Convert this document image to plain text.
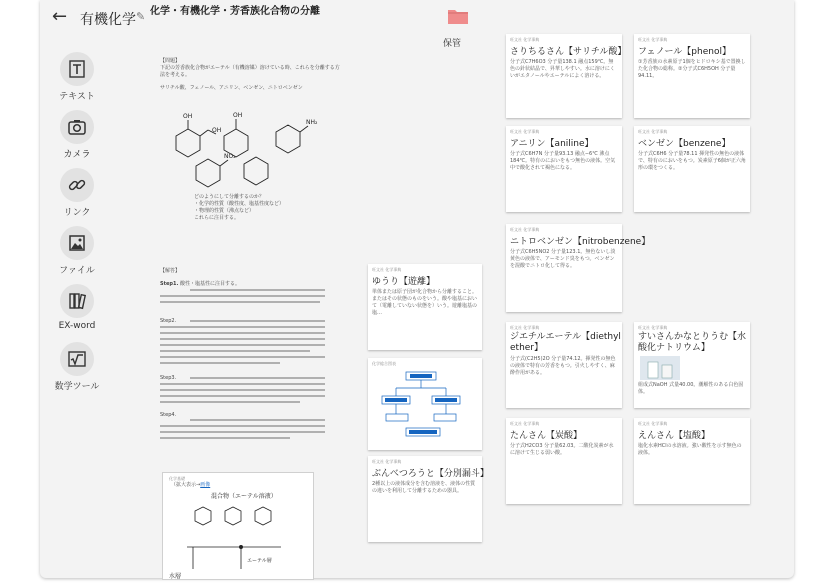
← 有機化学 ✎
テキスト
カメラ
リンク
ファイル
EX-word
数学ツール
化学・有機化学・芳香族化合物の分離
【問題】
下記の芳香族化合物がエーテル（有機溶媒）溶けている時、これらを分離する方法を考える。
サリチル酸、フェノール、アニリン、ベンゼン、ニトロベンゼン
OH
OH
OH
NH₂
NO₂
どのようにして分離するのか？
・化学的性質（酸性度、塩基性度など）
・物理的性質（沸点など）
これらに注目する。
【解答】
Step1. 酸性・塩基性に注目する。
Step2.
Step3.
Step4.
化学基礎
（拡大表示→画像
混合物（エーテル溶液）
水層
エーテル層
旺文社 化学事典
ゆうり【遊離】
単体または原子団が化合物から分離すること。またはその状態のものをいう。酸や塩基において（電離していない状態を）いう。遊離塩基の塩…
化学総合図表
旺文社 化学事典
ぶんべつろうと【分別漏斗】
2種以上の液体成分を含む溶液を、液体の性質の違いを利用して分離するための器具。
保管	旺文社 化学事典
さりちるさん【サリチル酸】
分子式C7H6O3 分子量138.1 融点159℃。無色の針状結晶で、昇華しやすい。水に溶けにくいがエタノールやエーテルによく溶ける。
旺文社 化学事典
フェノール【phenol】
①芳香族の水素原子1個をヒドロキシ基で置換した化合物の総称。②分子式C6H5OH 分子量94.11。
旺文社 化学事典
アニリン【aniline】
分子式C6H7N 分子量93.13 融点−6℃ 沸点184℃。特有のにおいをもつ無色の液体。空気中で酸化されて褐色になる。
旺文社 化学事典
ベンゼン【benzene】
分子式C6H6 分子量78.11 揮発性の無色の液体で、特有のにおいをもつ。炭素原子6個が正六角形の環をつくる。
旺文社 化学事典
ニトロベンゼン【nitrobenzene】
分子式C6H5NO2 分子量123.1。無色ないし淡黄色の液体で、アーモンド臭をもつ。ベンゼンを混酸でニトロ化して得る。
旺文社 化学事典
ジエチルエーテル【diethyl ether】
分子式(C2H5)2O 分子量74.12。揮発性の無色の液体で特有の芳香をもつ。引火しやすく、麻酔作用がある。
旺文社 化学事典
すいさんかなとりうむ【水酸化ナトリウム】
組成式NaOH 式量40.00。潮解性のある白色固体。
旺文社 化学事典
たんさん【炭酸】
分子式H2CO3 分子量62.03。二酸化炭素が水に溶けて生じる弱い酸。
旺文社 化学事典
えんさん【塩酸】
塩化水素HClの水溶液。強い酸性を示す無色の液体。
